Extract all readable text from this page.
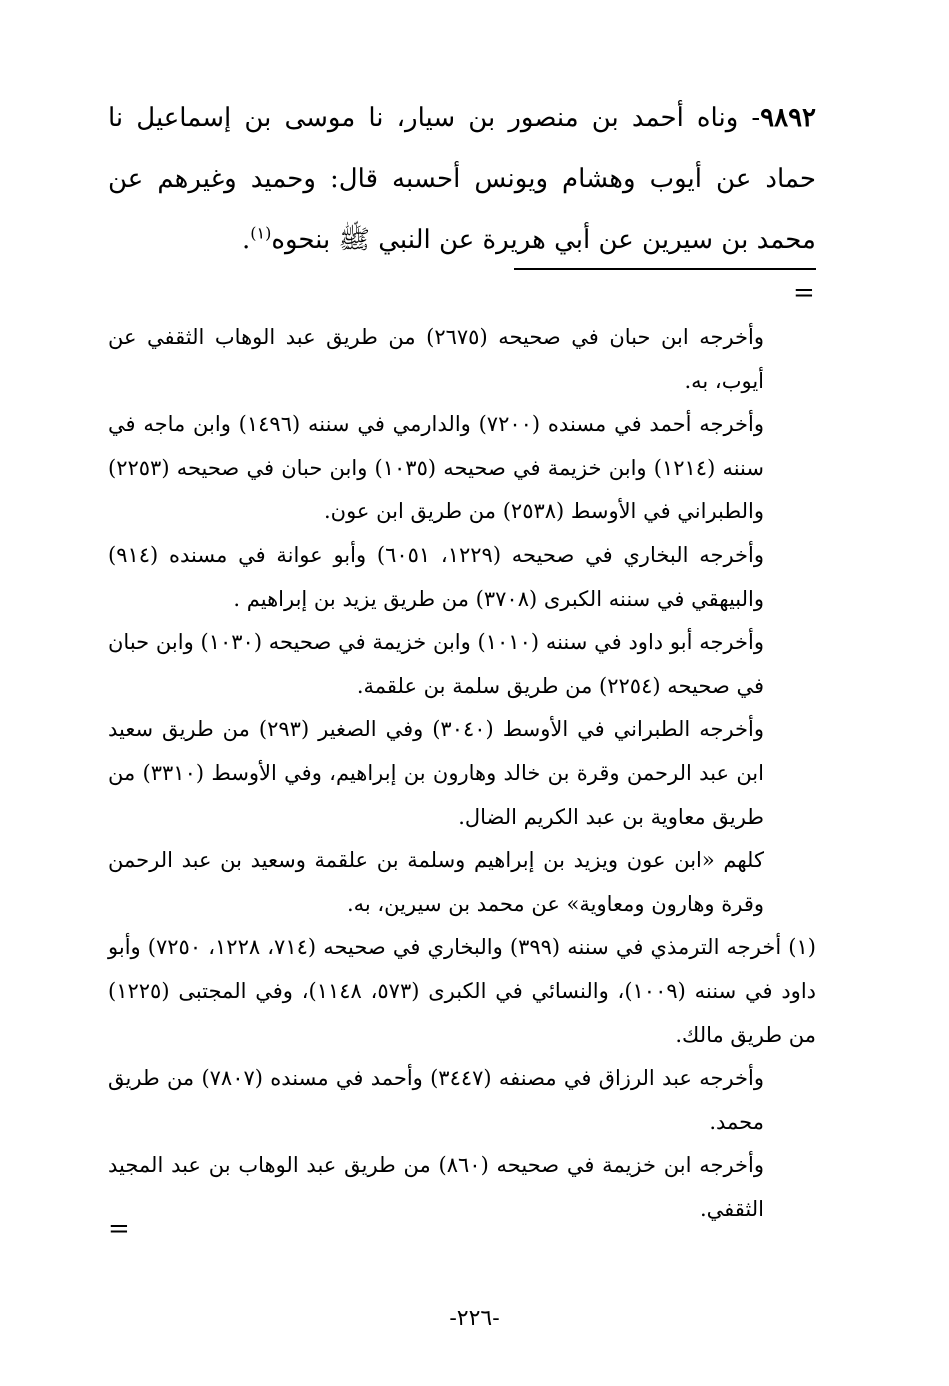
٩٨٩٢- وناه أحمد بن منصور بن سيار، نا موسى بن إسماعيل نا حماد عن أيوب وهشام ويونس أحسبه قال: وحميد وغيرهم عن محمد بن سيرين عن أبي هريرة عن النبي ﷺ بنحوه$^{(١)}$.
=

وأخرجه ابن حبان في صحيحه (٢٦٧٥) من طريق عبد الوهاب الثقفي عن أيوب، به.

وأخرجه أحمد في مسنده (٧٢٠٠) والدارمي في سننه (١٤٩٦) وابن ماجه في سننه (١٢١٤) وابن خزيمة في صحيحه (١٠٣٥) وابن حبان في صحيحه (٢٢٥٣) والطبراني في الأوسط (٢٥٣٨) من طريق ابن عون.

وأخرجه البخاري في صحيحه (١٢٢٩، ٦٠٥١) وأبو عوانة في مسنده (٩١٤) والبيهقي في سننه الكبرى (٣٧٠٨) من طريق يزيد بن إبراهيم .

وأخرجه أبو داود في سننه (١٠١٠) وابن خزيمة في صحيحه (١٠٣٠) وابن حبان في صحيحه (٢٢٥٤) من طريق سلمة بن علقمة.

وأخرجه الطبراني في الأوسط (٣٠٤٠) وفي الصغير (٢٩٣) من طريق سعيد ابن عبد الرحمن وقرة بن خالد وهارون بن إبراهيم، وفي الأوسط (٣٣١٠) من طريق معاوية بن عبد الكريم الضال.

كلهم «ابن عون ويزيد بن إبراهيم وسلمة بن علقمة وسعيد بن عبد الرحمن وقرة وهارون ومعاوية» عن محمد بن سيرين، به.

(١) أخرجه الترمذي في سننه (٣٩٩) والبخاري في صحيحه (٧١٤، ١٢٢٨، ٧٢٥٠) وأبو داود في سننه (١٠٠٩)، والنسائي في الكبرى (٥٧٣، ١١٤٨)، وفي المجتبى (١٢٢٥) من طريق مالك.

وأخرجه عبد الرزاق في مصنفه (٣٤٤٧) وأحمد في مسنده (٧٨٠٧) من طريق محمد.

وأخرجه ابن خزيمة في صحيحه (٨٦٠) من طريق عبد الوهاب بن عبد المجيد الثقفي.

=
-٢٢٦-
